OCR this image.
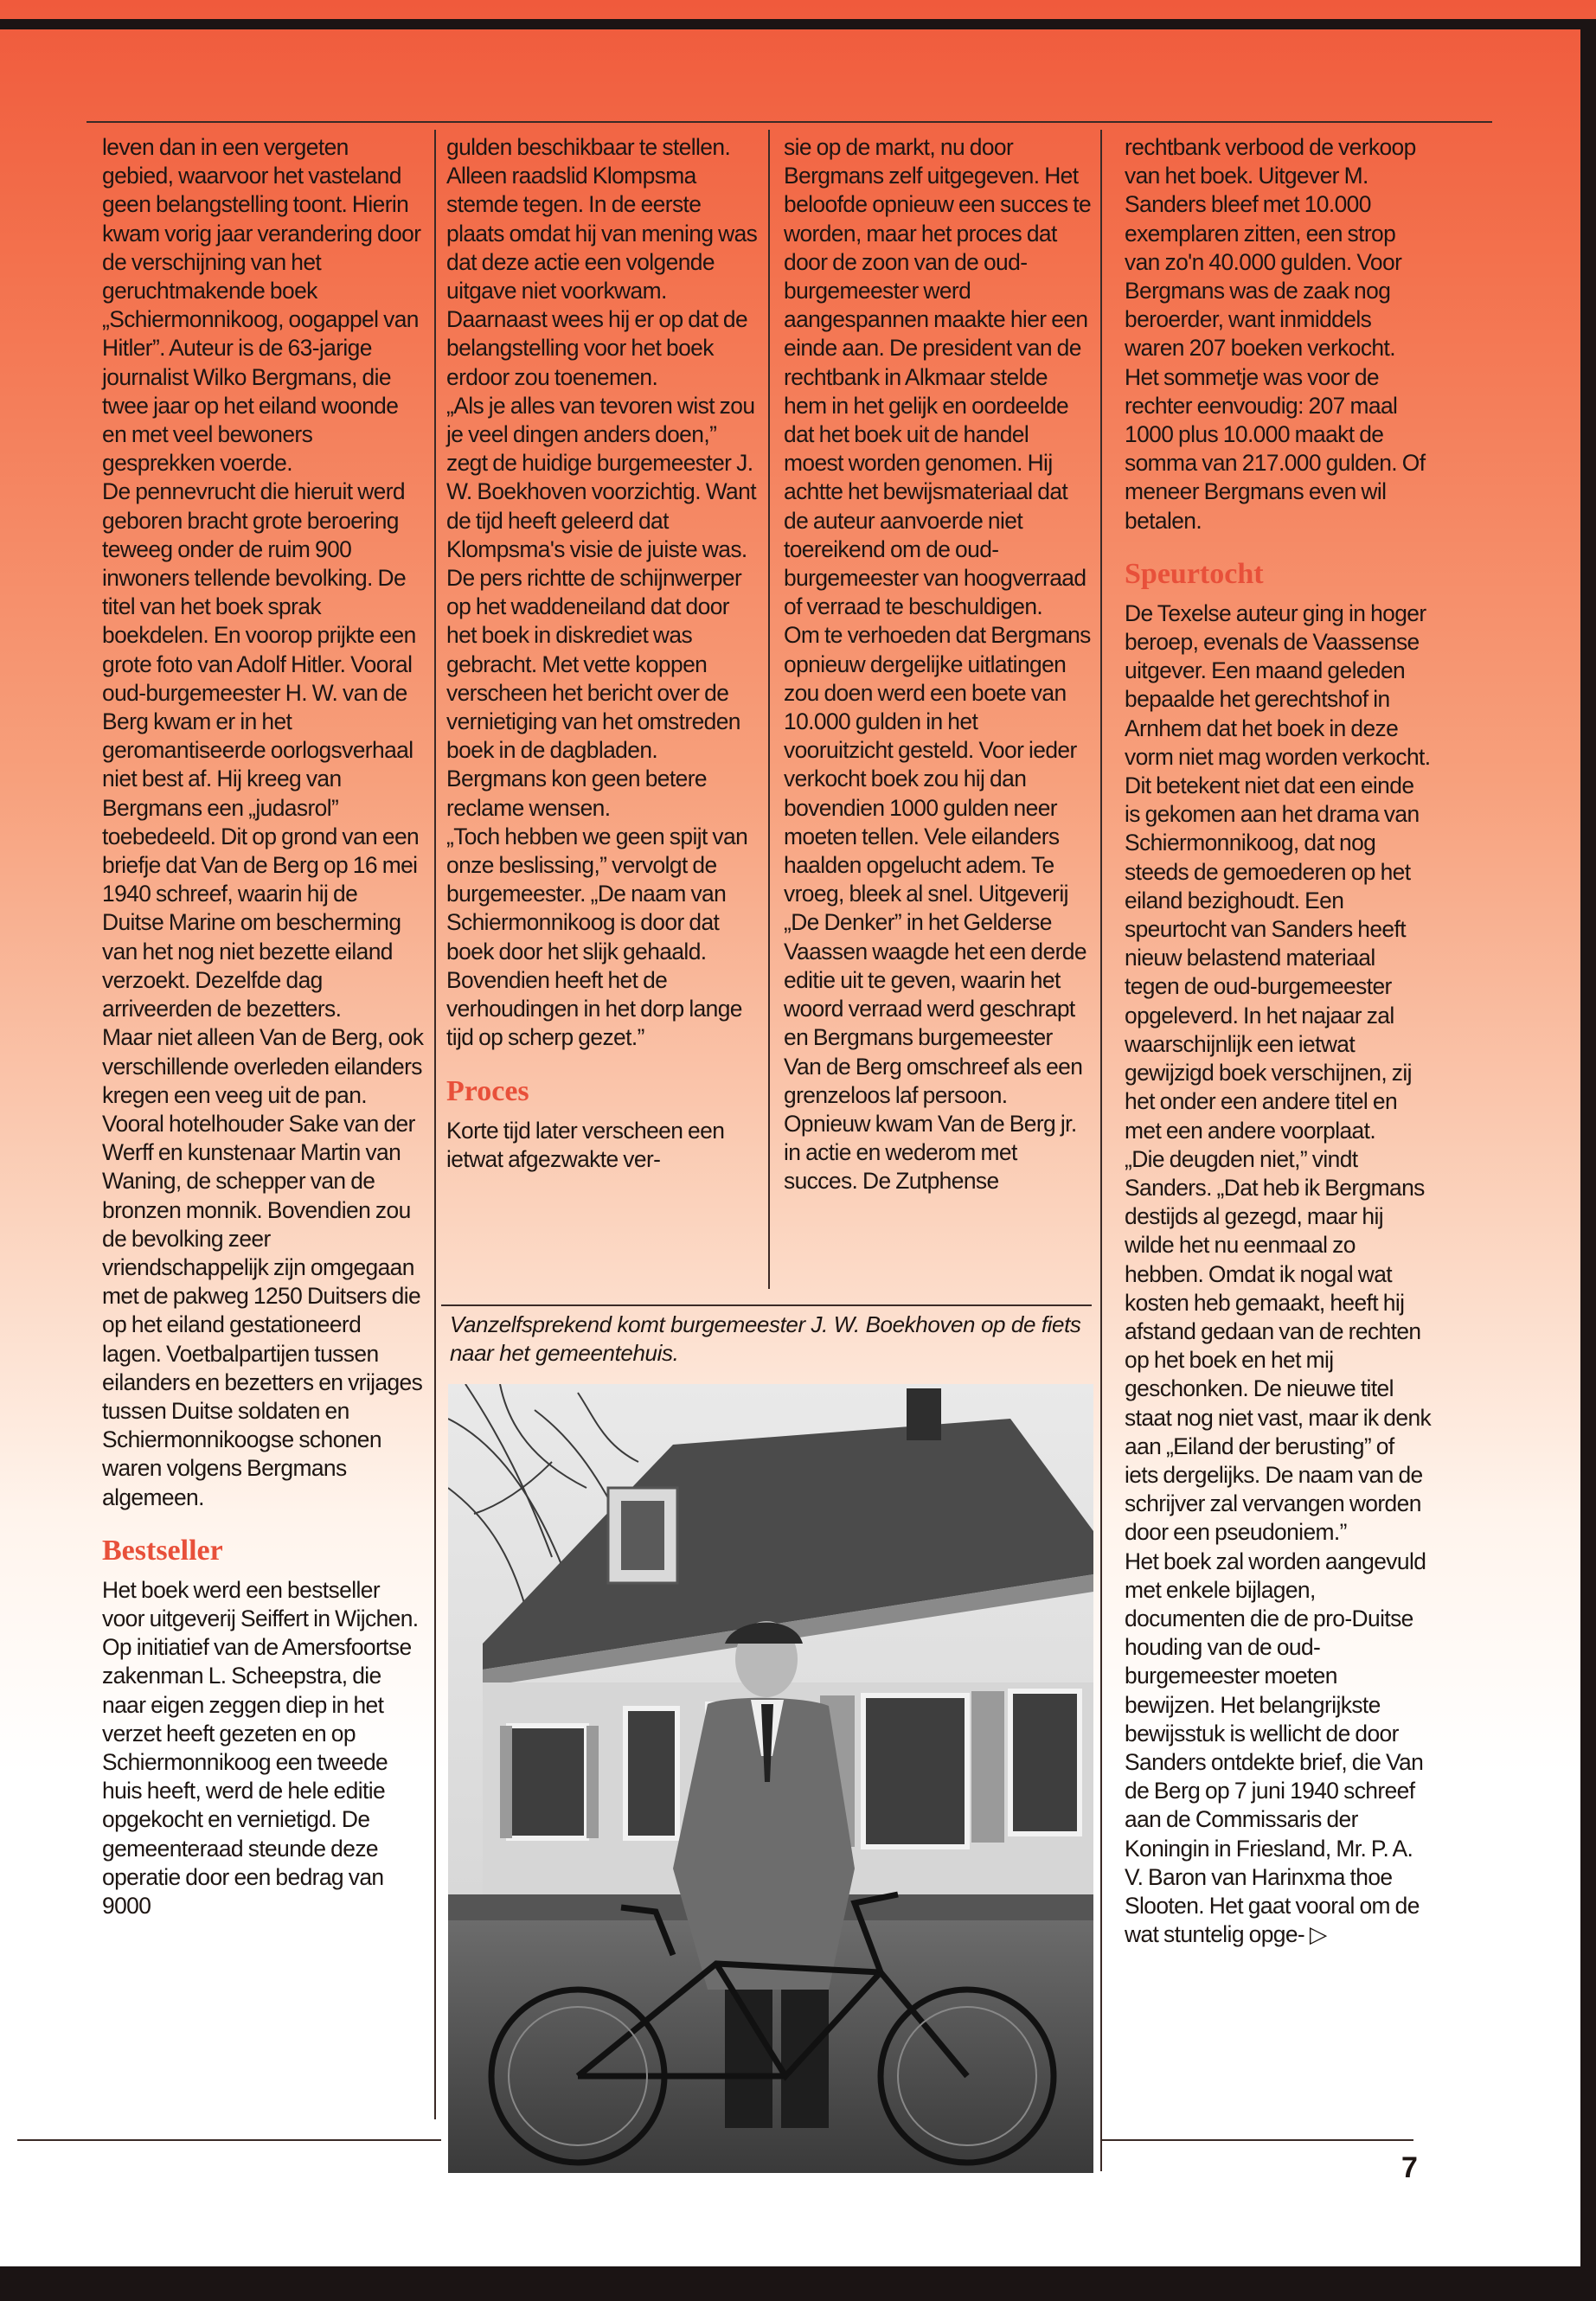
leven dan in een vergeten gebied, waarvoor het vasteland geen belangstelling toont. Hierin kwam vorig jaar verandering door de verschijning van het geruchtmakende boek „Schiermonnikoog, oogappel van Hitler”. Auteur is de 63-jarige journalist Wilko Bergmans, die twee jaar op het eiland woonde en met veel bewoners gesprekken voerde.

De pennevrucht die hieruit werd geboren bracht grote beroering teweeg onder de ruim 900 inwoners tellende bevolking. De titel van het boek sprak boekdelen. En voorop prijkte een grote foto van Adolf Hitler. Vooral oud-burgemeester H. W. van de Berg kwam er in het geromantiseerde oorlogsverhaal niet best af. Hij kreeg van Bergmans een „judasrol” toebedeeld. Dit op grond van een briefje dat Van de Berg op 16 mei 1940 schreef, waarin hij de Duitse Marine om bescherming van het nog niet bezette eiland verzoekt. Dezelfde dag arriveerden de bezetters.

Maar niet alleen Van de Berg, ook verschillende overleden eilanders kregen een veeg uit de pan. Vooral hotelhouder Sake van der Werff en kunstenaar Martin van Waning, de schepper van de bronzen monnik. Bovendien zou de bevolking zeer vriendschappelijk zijn omgegaan met de pakweg 1250 Duitsers die op het eiland gestationeerd lagen. Voetbalpartijen tussen eilanders en bezetters en vrijages tussen Duitse soldaten en Schiermonnikoogse schonen waren volgens Bergmans algemeen.

Bestseller

Het boek werd een bestseller voor uitgeverij Seiffert in Wijchen. Op initiatief van de Amersfoortse zakenman L. Scheepstra, die naar eigen zeggen diep in het verzet heeft gezeten en op Schiermonnikoog een tweede huis heeft, werd de hele editie opgekocht en vernietigd. De gemeenteraad steunde deze operatie door een bedrag van 9000

gulden beschikbaar te stellen. Alleen raadslid Klompsma stemde tegen. In de eerste plaats omdat hij van mening was dat deze actie een volgende uitgave niet voorkwam. Daarnaast wees hij er op dat de belangstelling voor het boek erdoor zou toenemen.

„Als je alles van tevoren wist zou je veel dingen anders doen,” zegt de huidige burgemeester J. W. Boekhoven voorzichtig. Want de tijd heeft geleerd dat Klompsma's visie de juiste was. De pers richtte de schijnwerper op het waddeneiland dat door het boek in diskrediet was gebracht. Met vette koppen verscheen het bericht over de vernietiging van het omstreden boek in de dagbladen. Bergmans kon geen betere reclame wensen.

„Toch hebben we geen spijt van onze beslissing,” vervolgt de burgemeester. „De naam van Schiermonnikoog is door dat boek door het slijk gehaald. Bovendien heeft het de verhoudingen in het dorp lange tijd op scherp gezet.”

Proces

Korte tijd later verscheen een ietwat afgezwakte ver-

sie op de markt, nu door Bergmans zelf uitgegeven. Het beloofde opnieuw een succes te worden, maar het proces dat door de zoon van de oud-burgemeester werd aangespannen maakte hier een einde aan. De president van de rechtbank in Alkmaar stelde hem in het gelijk en oordeelde dat het boek uit de handel moest worden genomen. Hij achtte het bewijsmateriaal dat de auteur aanvoerde niet toereikend om de oud-burgemeester van hoogverraad of verraad te beschuldigen.

Om te verhoeden dat Bergmans opnieuw dergelijke uitlatingen zou doen werd een boete van 10.000 gulden in het vooruitzicht gesteld. Voor ieder verkocht boek zou hij dan bovendien 1000 gulden neer moeten tellen. Vele eilanders haalden opgelucht adem. Te vroeg, bleek al snel. Uitgeverij „De Denker” in het Gelderse Vaassen waagde het een derde editie uit te geven, waarin het woord verraad werd geschrapt en Bergmans burgemeester Van de Berg omschreef als een grenzeloos laf persoon.

Opnieuw kwam Van de Berg jr. in actie en wederom met succes. De Zutphense

rechtbank verbood de verkoop van het boek. Uitgever M. Sanders bleef met 10.000 exemplaren zitten, een strop van zo'n 40.000 gulden. Voor Bergmans was de zaak nog beroerder, want inmiddels waren 207 boeken verkocht. Het sommetje was voor de rechter eenvoudig: 207 maal 1000 plus 10.000 maakt de somma van 217.000 gulden. Of meneer Bergmans even wil betalen.

Speurtocht

De Texelse auteur ging in hoger beroep, evenals de Vaassense uitgever. Een maand geleden bepaalde het gerechtshof in Arnhem dat het boek in deze vorm niet mag worden verkocht. Dit betekent niet dat een einde is gekomen aan het drama van Schiermonnikoog, dat nog steeds de gemoederen op het eiland bezighoudt. Een speurtocht van Sanders heeft nieuw belastend materiaal tegen de oud-burgemeester opgeleverd. In het najaar zal waarschijnlijk een ietwat gewijzigd boek verschijnen, zij het onder een andere titel en met een andere voorplaat.

„Die deugden niet,” vindt Sanders. „Dat heb ik Bergmans destijds al gezegd, maar hij wilde het nu eenmaal zo hebben. Omdat ik nogal wat kosten heb gemaakt, heeft hij afstand gedaan van de rechten op het boek en het mij geschonken. De nieuwe titel staat nog niet vast, maar ik denk aan „Eiland der berusting” of iets dergelijks. De naam van de schrijver zal vervangen worden door een pseudoniem.”

Het boek zal worden aangevuld met enkele bijlagen, documenten die de pro-Duitse houding van de oud-burgemeester moeten bewijzen. Het belangrijkste bewijsstuk is wellicht de door Sanders ontdekte brief, die Van de Berg op 7 juni 1940 schreef aan de Commissaris der Koningin in Friesland, Mr. P. A. V. Baron van Harinxma thoe Slooten. Het gaat vooral om de wat stuntelig opge- ▷

Vanzelfsprekend komt burgemeester J. W. Boekhoven op de fiets naar het gemeentehuis.
7
